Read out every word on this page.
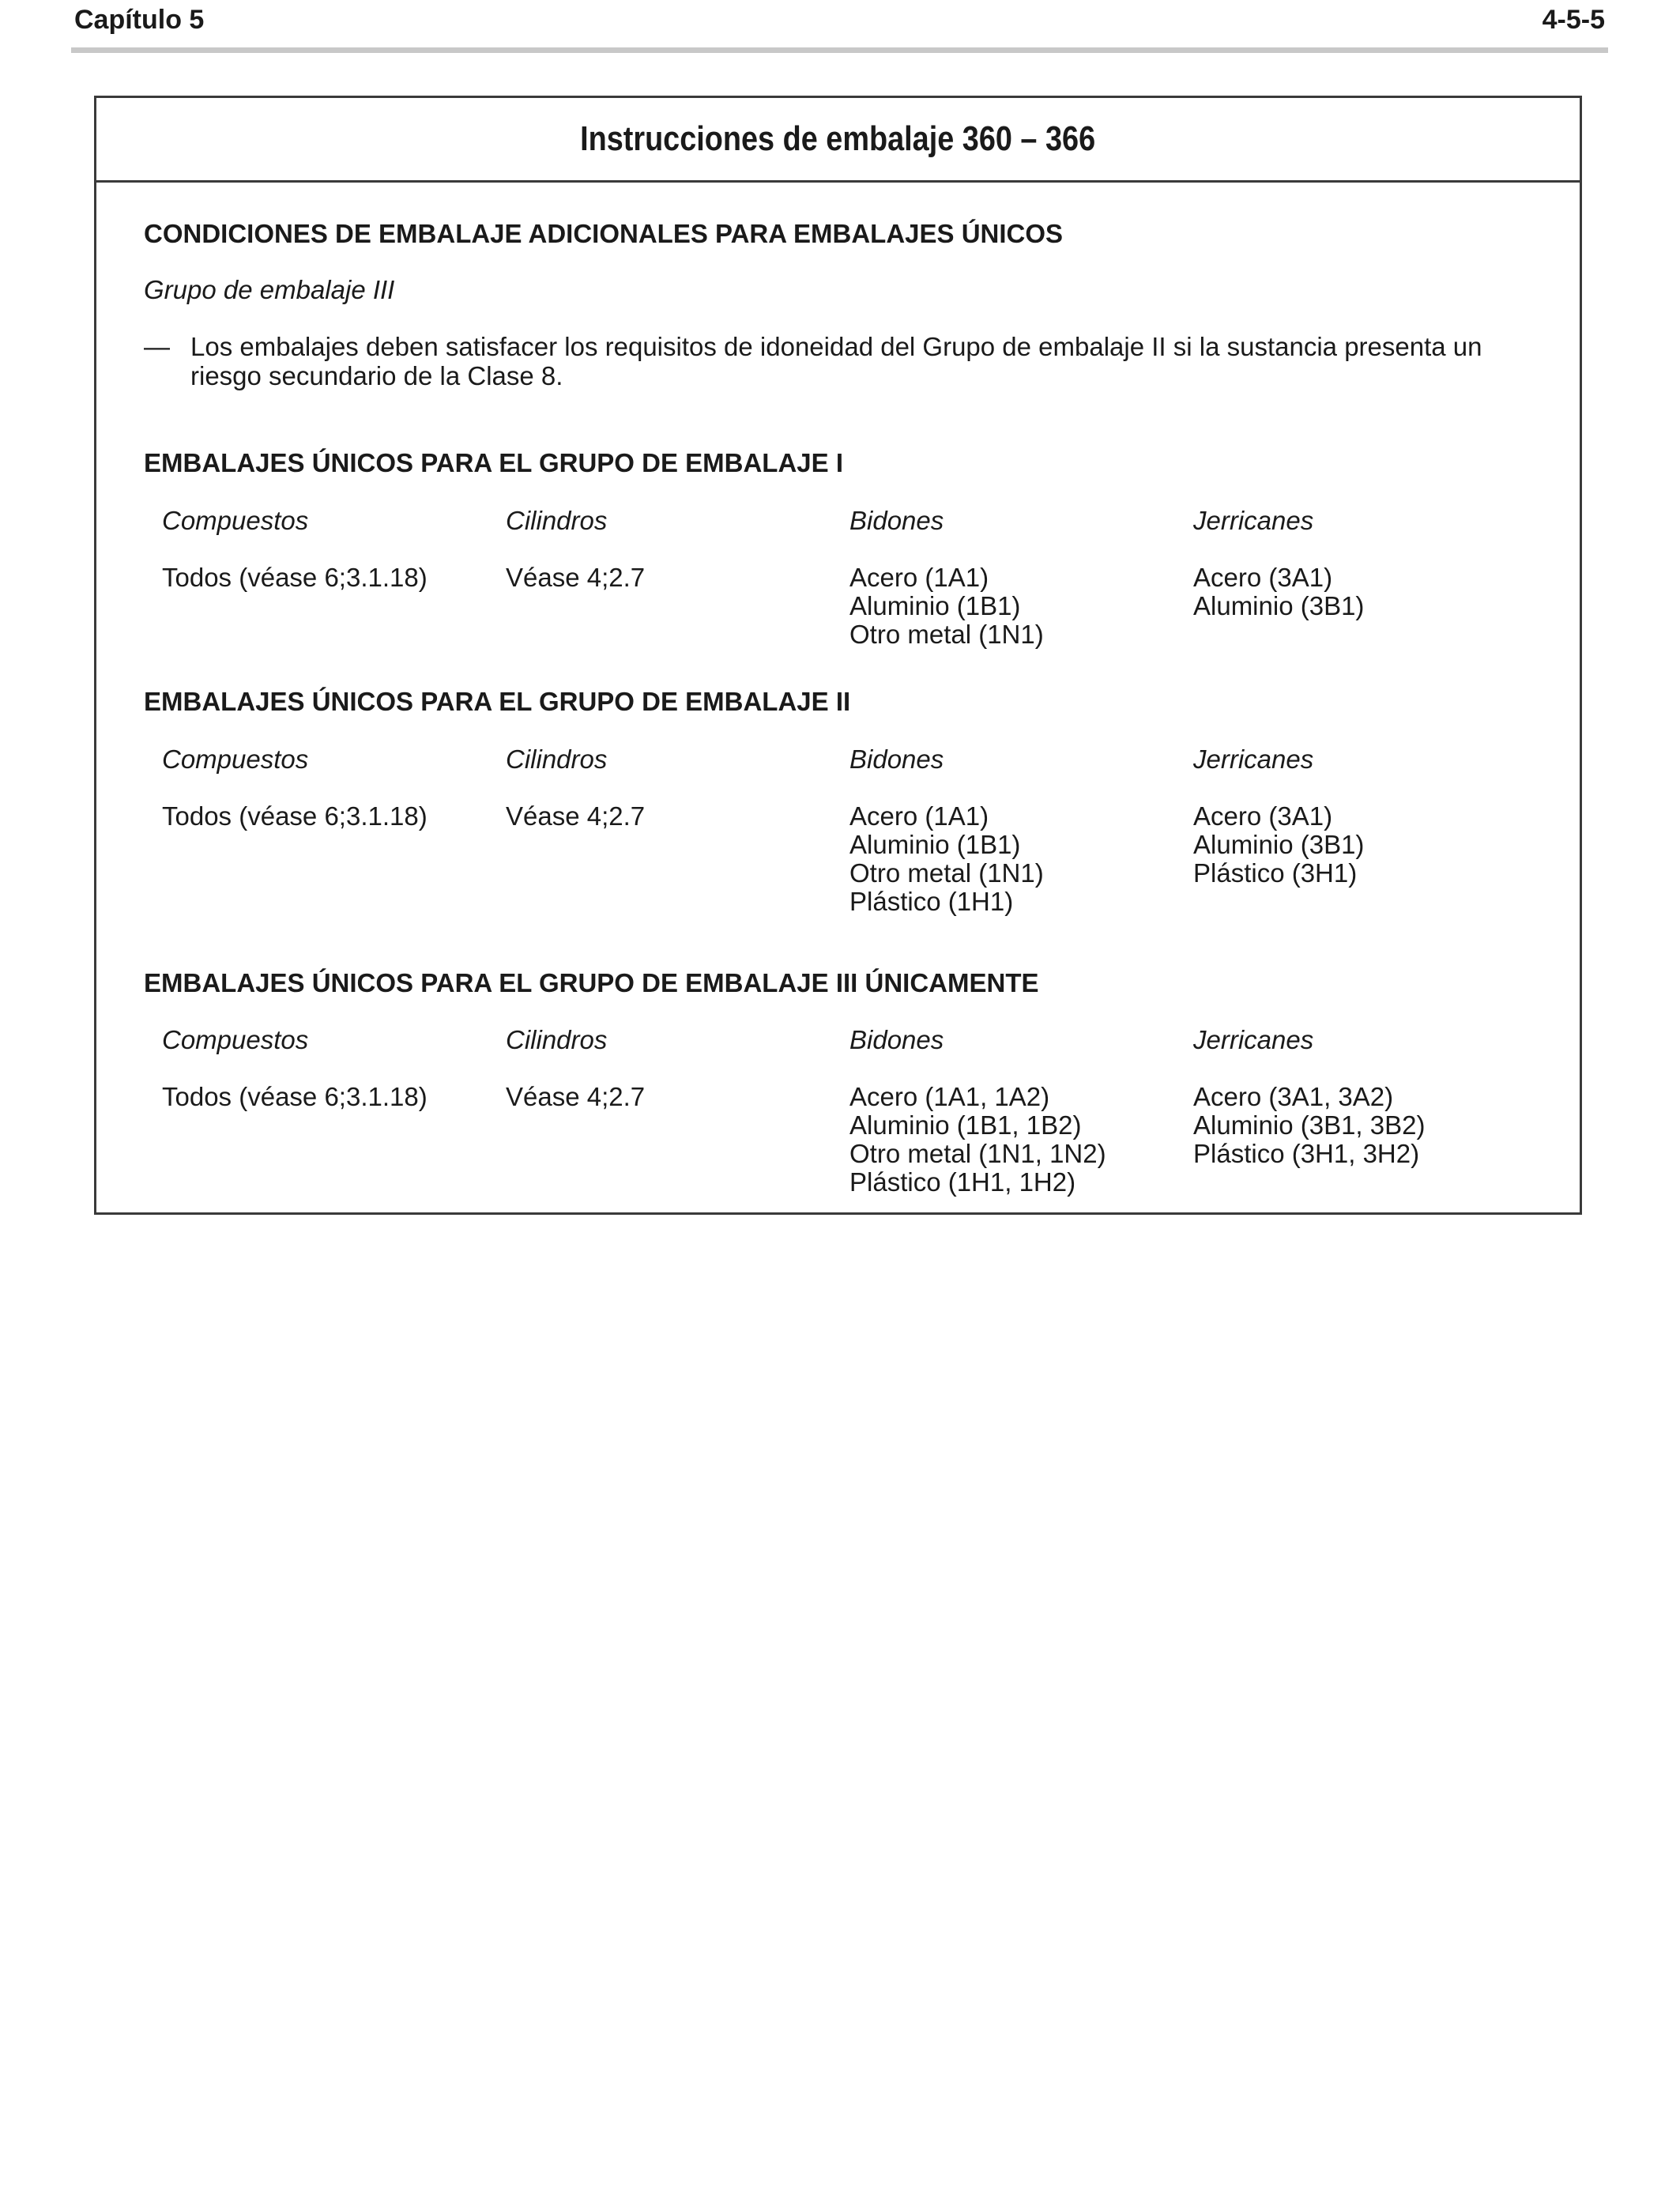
Capítulo 5	4-5-5
Instrucciones de embalaje 360 – 366
CONDICIONES DE EMBALAJE ADICIONALES PARA EMBALAJES ÚNICOS
Grupo de embalaje III
— Los embalajes deben satisfacer los requisitos de idoneidad del Grupo de embalaje II si la sustancia presenta un riesgo secundario de la Clase 8.
EMBALAJES ÚNICOS PARA EL GRUPO DE EMBALAJE I
Compuestos
Todos (véase 6;3.1.18)
Cilindros
Véase 4;2.7
Bidones
Acero (1A1)
Aluminio (1B1)
Otro metal (1N1)
Jerricanes
Acero (3A1)
Aluminio (3B1)
EMBALAJES ÚNICOS PARA EL GRUPO DE EMBALAJE II
Compuestos
Todos (véase 6;3.1.18)
Cilindros
Véase 4;2.7
Bidones
Acero (1A1)
Aluminio (1B1)
Otro metal (1N1)
Plástico (1H1)
Jerricanes
Acero (3A1)
Aluminio (3B1)
Plástico (3H1)
EMBALAJES ÚNICOS PARA EL GRUPO DE EMBALAJE III ÚNICAMENTE
Compuestos
Todos (véase 6;3.1.18)
Cilindros
Véase 4;2.7
Bidones
Acero (1A1, 1A2)
Aluminio (1B1, 1B2)
Otro metal (1N1, 1N2)
Plástico (1H1, 1H2)
Jerricanes
Acero (3A1, 3A2)
Aluminio (3B1, 3B2)
Plástico (3H1, 3H2)
